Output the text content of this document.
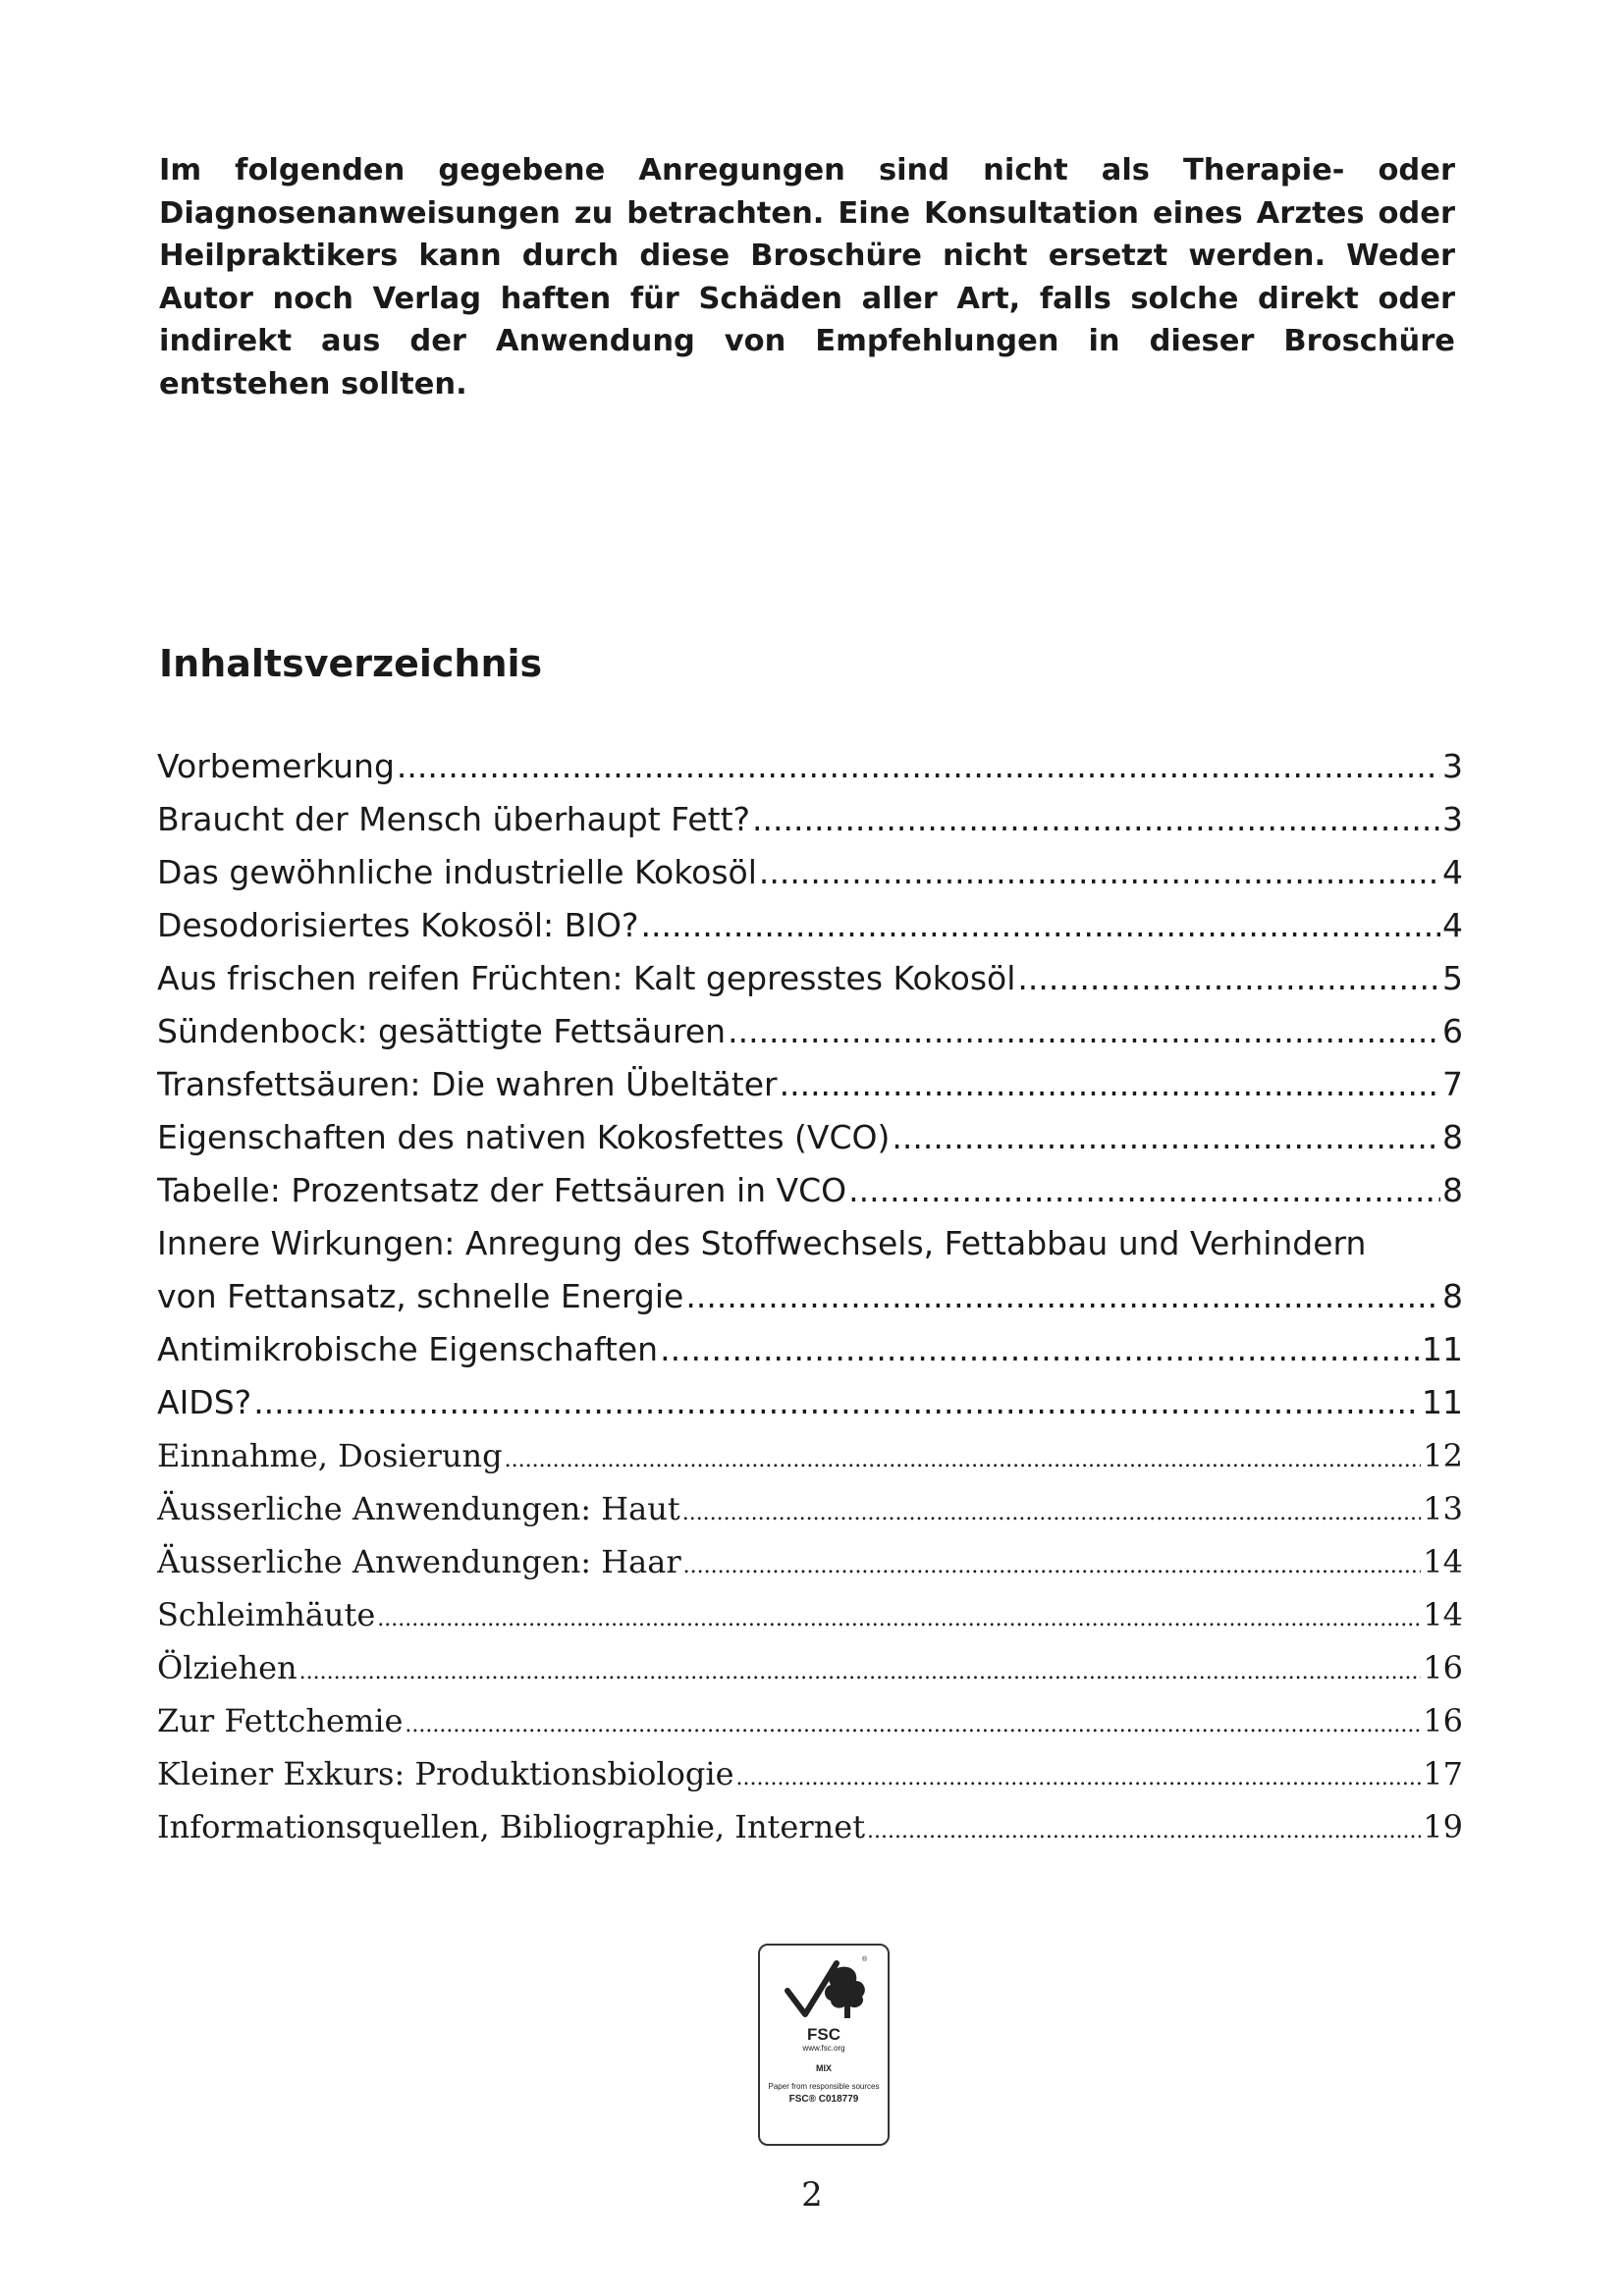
Im folgenden gegebene Anregungen sind nicht als Therapie- oder Diagnosenanweisungen zu betrachten. Eine Konsultation eines Arztes oder Heilpraktikers kann durch diese Broschüre nicht ersetzt werden. Weder Autor noch Verlag haften für Schäden aller Art, falls solche direkt oder indirekt aus der Anwendung von Empfehlungen in dieser Broschüre entstehen sollten.

Inhaltsverzeichnis
Vorbemerkung .....	3
Braucht der Mensch überhaupt Fett? .....	3
Das gewöhnliche industrielle Kokosöl .....	4
Desodorisiertes Kokosöl: BIO? .....	4
Aus frischen reifen Früchten: Kalt gepresstes Kokosöl .....	5
Sündenbock: gesättigte Fettsäuren .....	6
Transfettsäuren: Die wahren Übeltäter .....	7
Eigenschaften des nativen Kokosfettes (VCO) .....	8
Tabelle: Prozentsatz der Fettsäuren in VCO .....	8
Innere Wirkungen: Anregung des Stoffwechsels, Fettabbau und Verhindern
von Fettansatz, schnelle Energie .....	8
Antimikrobische Eigenschaften .....	11
AIDS? .....	11
Einnahme, Dosierung .....	12
Äusserliche Anwendungen: Haut .....	13
Äusserliche Anwendungen: Haar .....	14
Schleimhäute .....	14
Ölziehen .....	16
Zur Fettchemie .....	16
Kleiner Exkurs: Produktionsbiologie .....	17
Informationsquellen, Bibliographie, Internet .....	19
®
FSC
www.fsc.org
MIX
Paper from responsible sources
FSC® C018779

2
